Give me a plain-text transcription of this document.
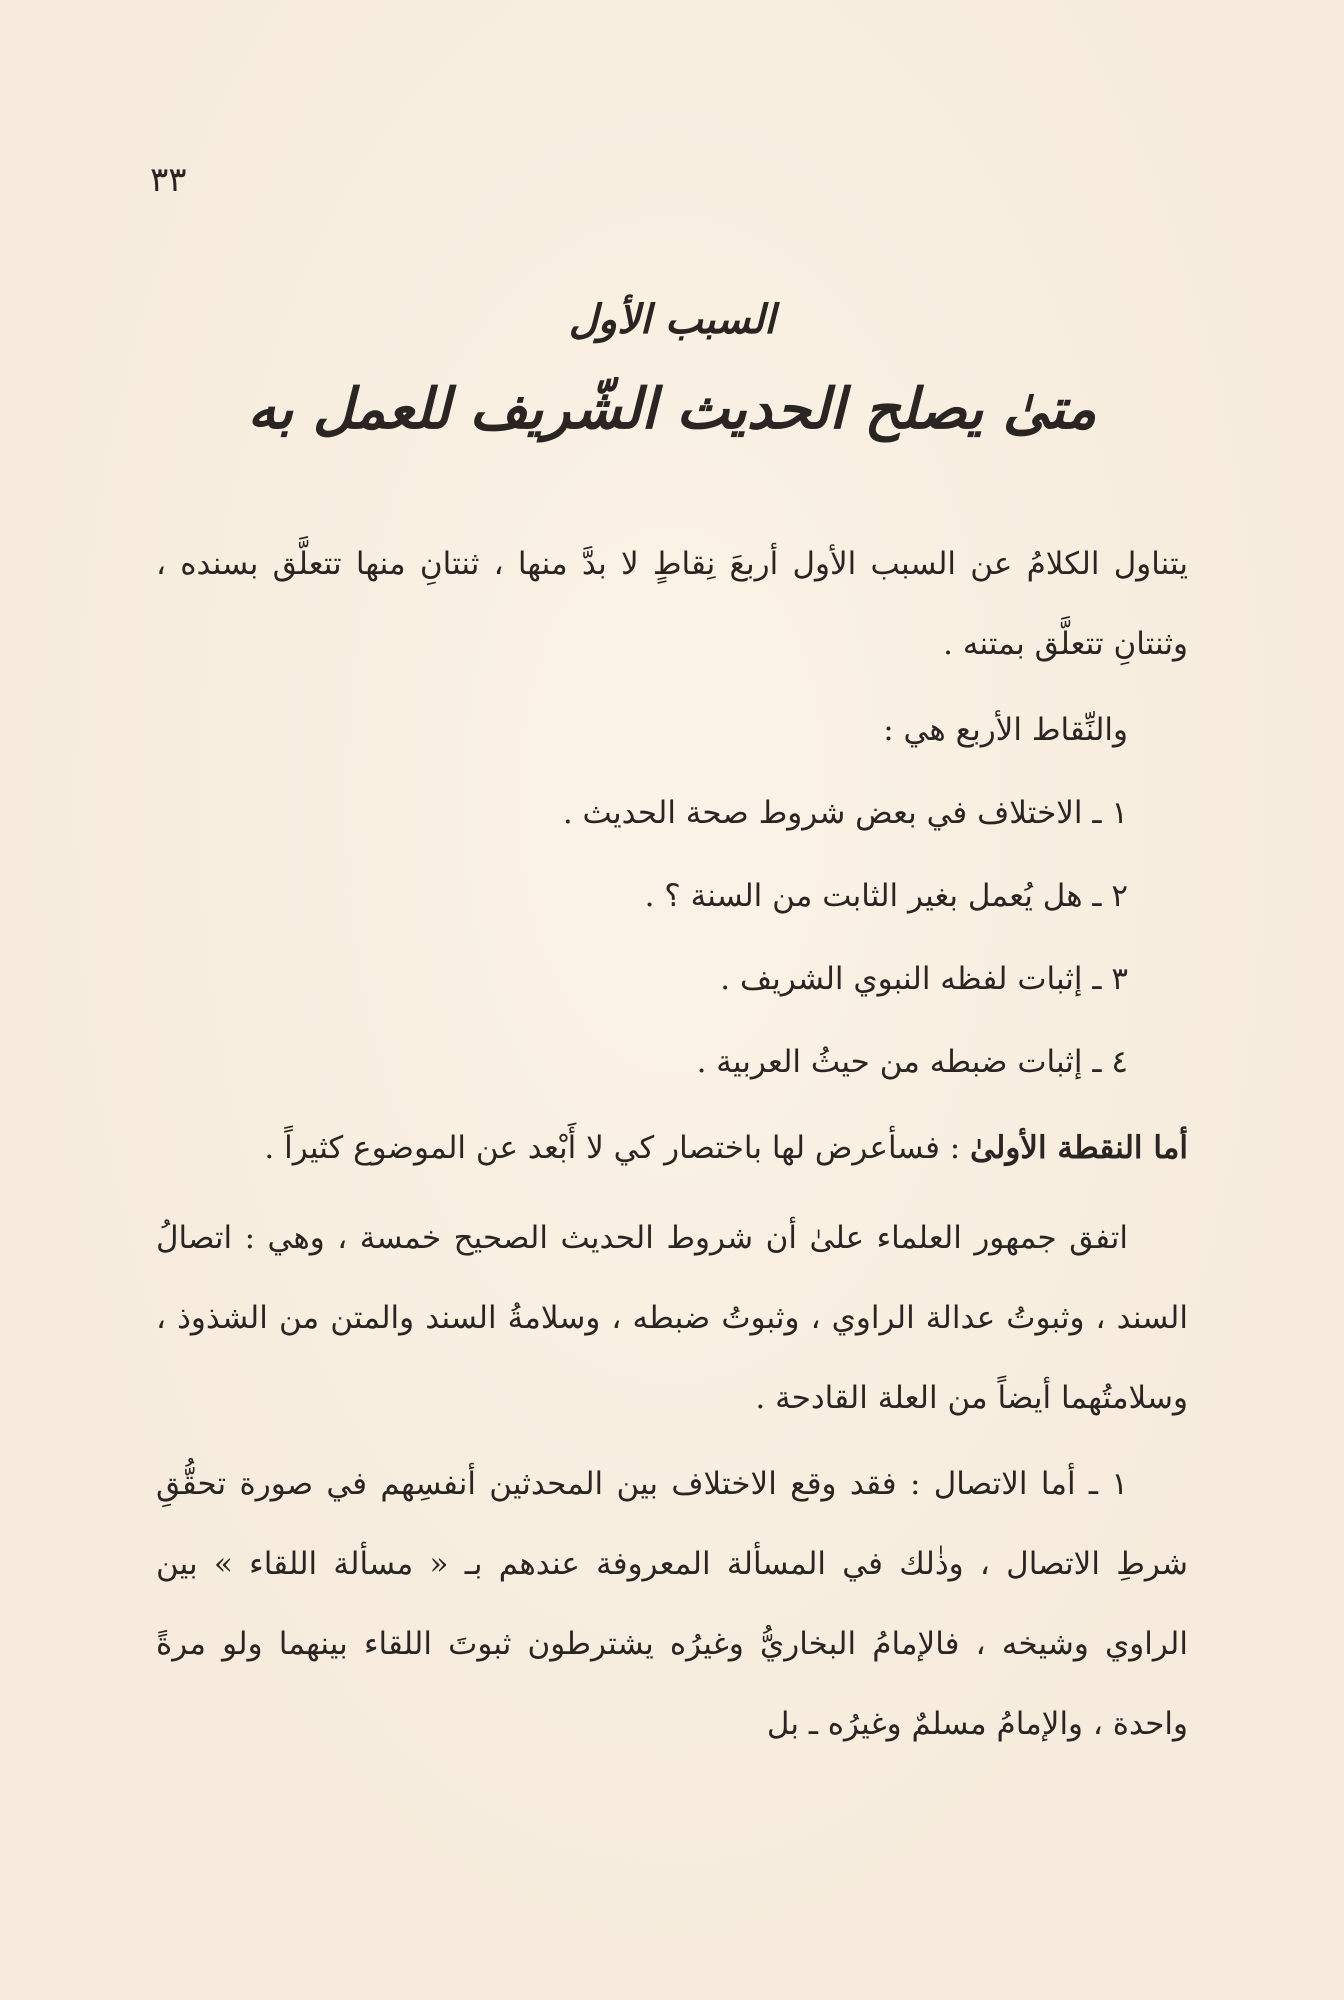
٣٣
السبب الأول
متىٰ يصلح الحديث الشّريف للعمل به

يتناول الكلامُ عن السبب الأول أربعَ نِقاطٍ لا بدَّ منها ، ثنتانِ منها تتعلَّق بسنده ، وثنتانِ تتعلَّق بمتنه .

والنِّقاط الأربع هي :

١ ـ الاختلاف في بعض شروط صحة الحديث .

٢ ـ هل يُعمل بغير الثابت من السنة ؟ .

٣ ـ إثبات لفظه النبوي الشريف .

٤ ـ إثبات ضبطه من حيثُ العربية .

أما النقطة الأولىٰ : فسأعرض لها باختصار كي لا أَبْعد عن الموضوع كثيراً .

اتفق جمهور العلماء علىٰ أن شروط الحديث الصحيح خمسة ، وهي : اتصالُ السند ، وثبوتُ عدالة الراوي ، وثبوتُ ضبطه ، وسلامةُ السند والمتن من الشذوذ ، وسلامتُهما أيضاً من العلة القادحة .

١ ـ أما الاتصال : فقد وقع الاختلاف بين المحدثين أنفسِهم في صورة تحقُّقِ شرطِ الاتصال ، وذٰلك في المسألة المعروفة عندهم بـ « مسألة اللقاء » بين الراوي وشيخه ، فالإمامُ البخاريُّ وغيرُه يشترطون ثبوتَ اللقاء بينهما ولو مرةً واحدة ، والإمامُ مسلمٌ وغيرُه ـ بل
